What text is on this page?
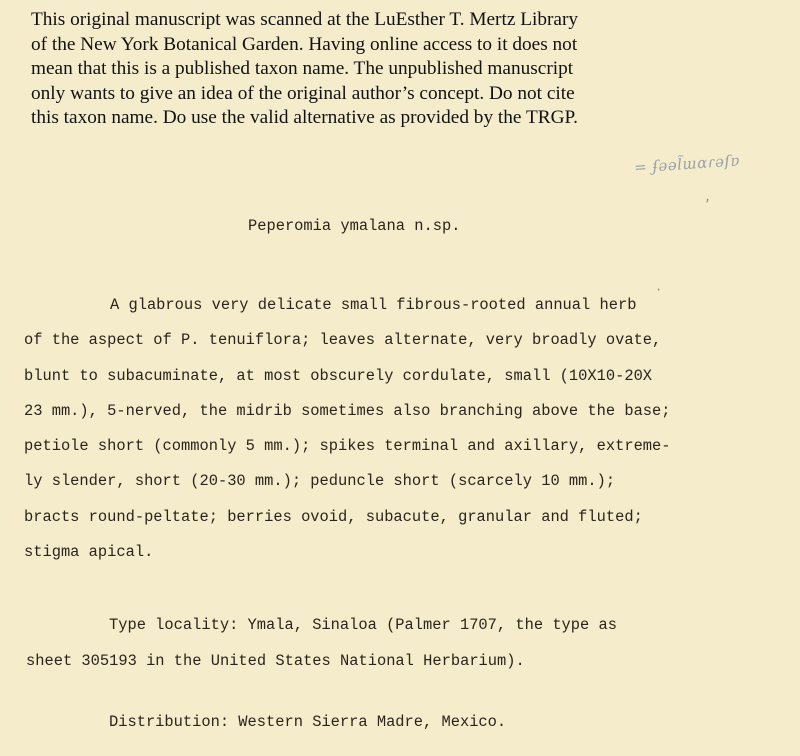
This original manuscript was scanned at the LuEsther T. Mertz Library
of the New York Botanical Garden. Having online access to it does not
mean that this is a published taxon name. The unpublished manuscript
only wants to give an idea of the original author’s concept. Do not cite
this taxon name. Do use the valid alternative as provided by the TRGP.
= ʄǝǝl̃ɯɑɾǝſɐ
,
·
Peperomia ymalana n.sp.
A glabrous very delicate small fibrous-rooted annual herb
of the aspect of P. tenuiflora; leaves alternate, very broadly ovate,
blunt to subacuminate, at most obscurely cordulate, small (10X10-20X
23 mm.), 5-nerved, the midrib sometimes also branching above the base;
petiole short (commonly 5 mm.); spikes terminal and axillary, extreme-
ly slender, short (20-30 mm.); peduncle short (scarcely 10 mm.);
bracts round-peltate; berries ovoid, subacute, granular and fluted;
stigma apical.
Type locality: Ymala, Sinaloa (Palmer 1707, the type as
sheet 305193 in the United States National Herbarium).
Distribution: Western Sierra Madre, Mexico.
